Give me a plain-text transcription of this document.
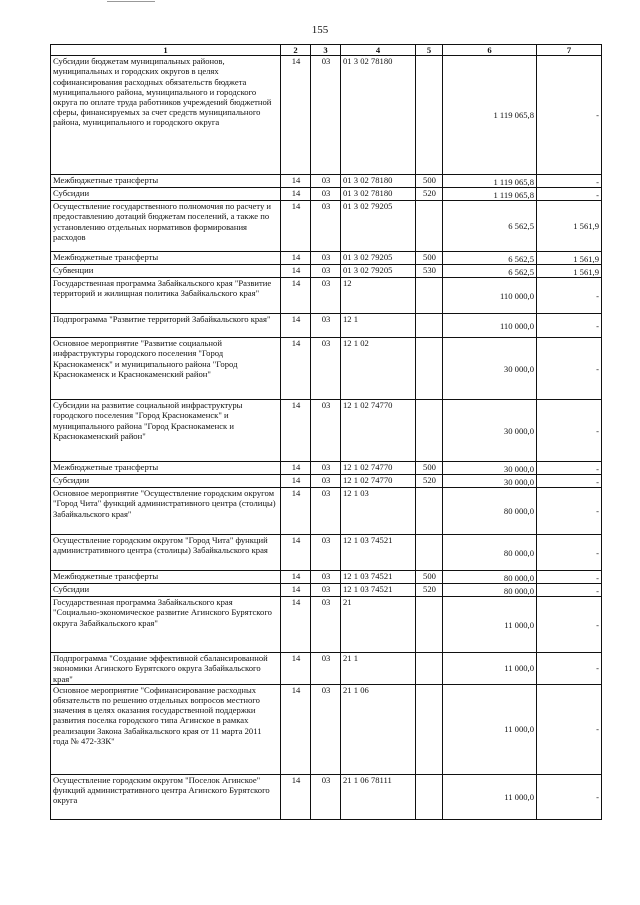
155
1	2	3	4	5	6	7
Субсидии бюджетам муниципальных районов, муниципальных и городских округов в целях софинансирования расходных обязательств бюджета муниципального района, муниципального и городского округа по оплате труда работников учреждений бюджетной сферы, финансируемых за счет средств муниципального района, муниципального и городского округа	14	03	01 3 02 78180		1 119 065,8	-
Межбюджетные трансферты	14	03	01 3 02 78180	500	1 119 065,8	-
Субсидии	14	03	01 3 02 78180	520	1 119 065,8	-
Осуществление государственного полномочия по расчету и предоставлению дотаций бюджетам поселений, а также по установлению отдельных нормативов формирования расходов	14	03	01 3 02 79205		6 562,5	1 561,9
Межбюджетные трансферты	14	03	01 3 02 79205	500	6 562,5	1 561,9
Субвенции	14	03	01 3 02 79205	530	6 562,5	1 561,9
Государственная программа Забайкальского края "Развитие территорий и жилищная политика Забайкальского края"	14	03	12		110 000,0	-
Подпрограмма "Развитие территорий Забайкальского края"	14	03	12 1		110 000,0	-
Основное мероприятие "Развитие социальной инфраструктуры городского поселения "Город Краснокаменск" и муниципального района "Город Краснокаменск и Краснокаменский район"	14	03	12 1 02		30 000,0	-
Субсидии на развитие социальной инфраструктуры городского поселения "Город Краснокаменск" и муниципального района "Город Краснокаменск и Краснокаменский район"	14	03	12 1 02 74770		30 000,0	-
Межбюджетные трансферты	14	03	12 1 02 74770	500	30 000,0	-
Субсидии	14	03	12 1 02 74770	520	30 000,0	-
Основное мероприятие "Осуществление городским округом "Город Чита" функций административного центра (столицы) Забайкальского края"	14	03	12 1 03		80 000,0	-
Осуществление городским округом "Город Чита" функций административного центра (столицы) Забайкальского края	14	03	12 1 03 74521		80 000,0	-
Межбюджетные трансферты	14	03	12 1 03 74521	500	80 000,0	-
Субсидии	14	03	12 1 03 74521	520	80 000,0	-
Государственная программа Забайкальского края "Социально-экономическое развитие Агинского Бурятского округа Забайкальского края"	14	03	21		11 000,0	-
Подпрограмма "Создание эффективной сбалансированной экономики Агинского Бурятского округа Забайкальского края"	14	03	21 1		11 000,0	-
Основное мероприятие "Софинансирование расходных обязательств по решению отдельных вопросов местного значения в целях оказания государственной поддержки развития поселка городского типа Агинское в рамках реализации Закона Забайкальского края от 11 марта 2011 года № 472-ЗЗК"	14	03	21 1 06		11 000,0	-
Осуществление городским округом "Поселок Агинское" функций административного центра Агинского Бурятского округа	14	03	21 1 06 78111		11 000,0	-
